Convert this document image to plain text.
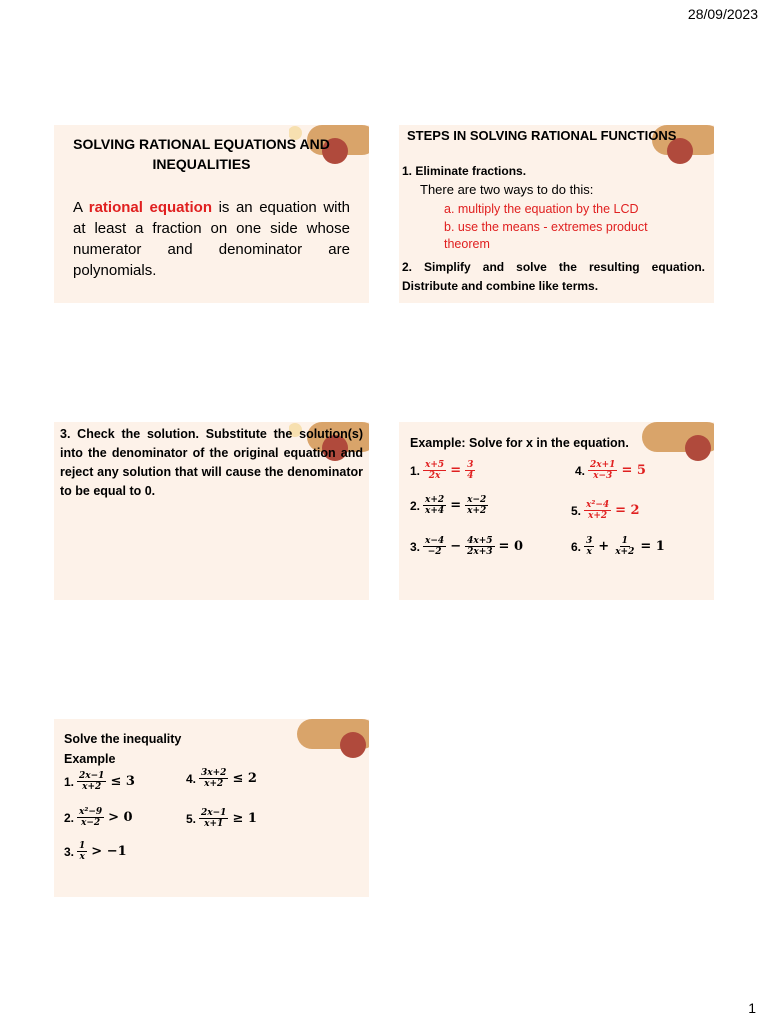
28/09/2023
SOLVING RATIONAL EQUATIONS AND INEQUALITIES
A rational equation is an equation with at least a fraction on one side whose numerator and denominator are polynomials.
STEPS IN SOLVING RATIONAL FUNCTIONS
1. Eliminate fractions.
There are two ways to do this:
a. multiply the equation by the LCD
b. use the means - extremes product theorem
2. Simplify and solve the resulting equation. Distribute and combine like terms.
3. Check the solution. Substitute the solution(s) into the denominator of the original equation and reject any solution that will cause the denominator to be equal to 0.
Example: Solve for x in the equation.
1. $\frac{x+5}{2x} = \frac{3}{4}$
2. $\frac{x+2}{x+4} = \frac{x-2}{x+2}$
3. $\frac{x-4}{-2} - \frac{4x+5}{2x+3} = 0$
4. $\frac{2x+1}{x-3} = 5$
5. $\frac{\text{x²−4}}{x+2} = 2$
6. $\frac{3}{x} + \frac{1}{x+2} = 1$
Solve the inequality
Example
1. $\frac{2x-1}{x+2} \le 3$
2. $\frac{\text{x²−9}}{x-2} > 0$
3. $\frac{1}{x} > -1$
4. $\frac{3x+2}{x+2} \le 2$
5. $\frac{2x-1}{x+1} \ge 1$
1
